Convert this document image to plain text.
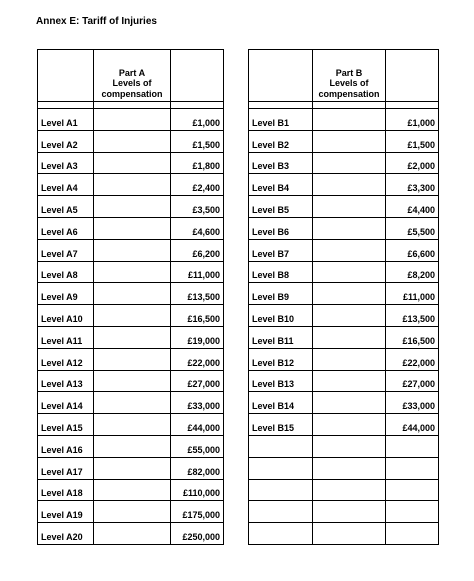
Annex E: Tariff of Injuries

	Part A
Levels of
compensation	

Level A1		£1,000
Level A2		£1,500
Level A3		£1,800
Level A4		£2,400
Level A5		£3,500
Level A6		£4,600
Level A7		£6,200
Level A8		£11,000
Level A9		£13,500
Level A10		£16,500
Level A11		£19,000
Level A12		£22,000
Level A13		£27,000
Level A14		£33,000
Level A15		£44,000
Level A16		£55,000
Level A17		£82,000
Level A18		£110,000
Level A19		£175,000
Level A20		£250,000

	Part B
Levels of
compensation	

Level B1		£1,000
Level B2		£1,500
Level B3		£2,000
Level B4		£3,300
Level B5		£4,400
Level B6		£5,500
Level B7		£6,600
Level B8		£8,200
Level B9		£11,000
Level B10		£13,500
Level B11		£16,500
Level B12		£22,000
Level B13		£27,000
Level B14		£33,000
Level B15		£44,000
